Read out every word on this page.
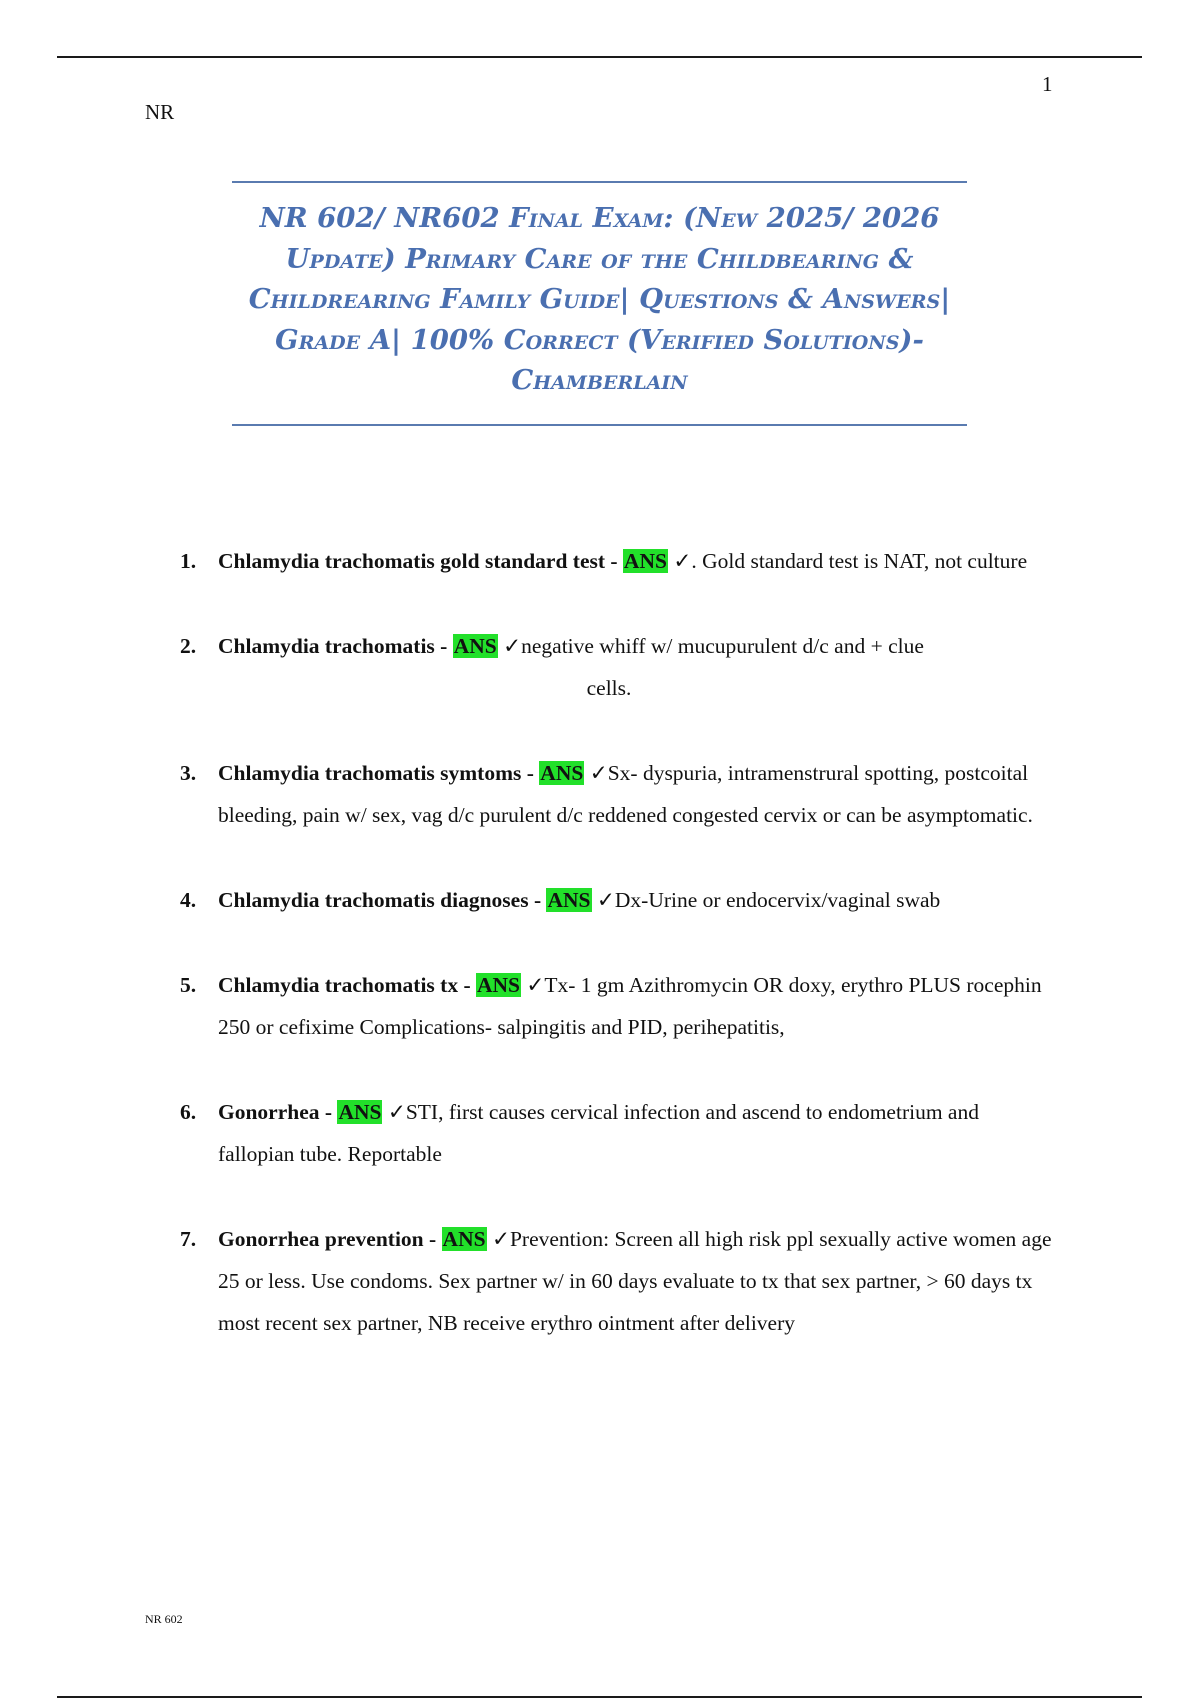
1
NR
NR 602/ NR602 Final Exam: (New 2025/ 2026
Update) Primary Care of the Childbearing &
Childrearing Family Guide| Questions & Answers|
Grade A| 100% Correct (Verified Solutions)-
Chamberlain
1. Chlamydia trachomatis gold standard test - ANS ✓. Gold standard test is NAT, not culture
2. Chlamydia trachomatis - ANS ✓negative whiff w/ mucupurulent d/c and + clue
cells.
3. Chlamydia trachomatis symtoms - ANS ✓Sx- dyspuria, intramenstrural spotting, postcoital bleeding, pain w/ sex, vag d/c purulent d/c reddened congested cervix or can be asymptomatic.
4. Chlamydia trachomatis diagnoses - ANS ✓Dx-Urine or endocervix/vaginal swab
5. Chlamydia trachomatis tx - ANS ✓Tx- 1 gm Azithromycin OR doxy, erythro PLUS rocephin 250 or cefixime Complications- salpingitis and PID, perihepatitis,
6. Gonorrhea - ANS ✓STI, first causes cervical infection and ascend to endometrium and fallopian tube. Reportable
7. Gonorrhea prevention - ANS ✓Prevention: Screen all high risk ppl sexually active women age 25 or less. Use condoms. Sex partner w/ in 60 days evaluate to tx that sex partner, > 60 days tx most recent sex partner, NB receive erythro ointment after delivery
NR 602
